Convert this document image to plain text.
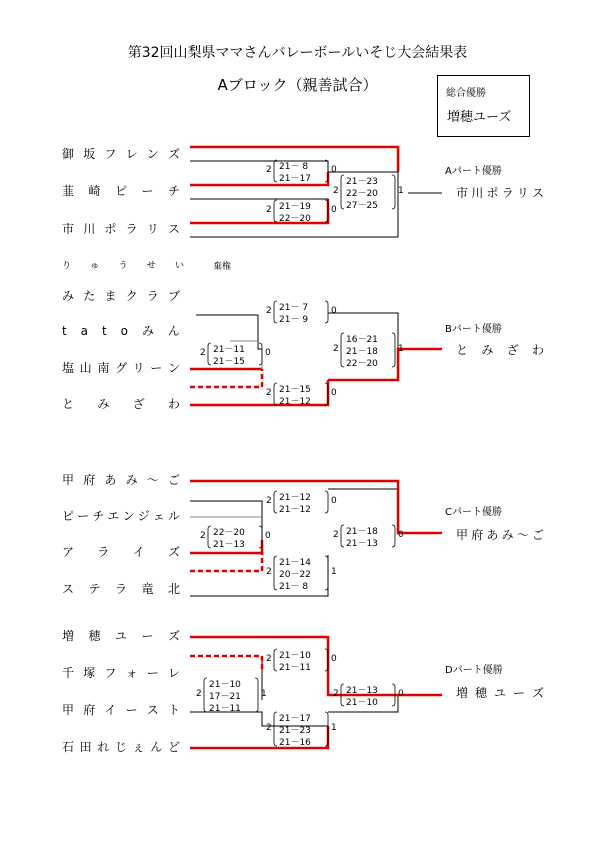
第32回山梨県ママさんバレーボールいそじ大会結果表
Aブロック（親善試合）	総合優勝
増穂ユーズ
御 坂 フ レ ン ズ
韮 崎 ピ ー チ
市 川 ポ ラ リ ス
り ゅ う せ い	棄権
み た ま ク ラ ブ
t a t o み ん
塩 山 南 グ リ ー ン
と み ざ わ
甲 府 あ み ～ ご
ピ ー チ エ ン ジ ェ ル
ア ラ イ ズ
ス テ ラ 竜 北
増 穂 ユ ー ズ
千 塚 フ ォ ー レ
甲 府 イ ー ス ト
石 田 れ じ ぇ ん ど
Aパート優勝
市 川 ポ ラ リ ス
Bパート優勝
と み ざ わ
Cパート優勝
甲 府 あ み ～ ご
Dパート優勝
増 穂 ユ ー ズ
2 21－ 8
21－17
0
2 21－19
22－20
0
2
21－23
22－20
27－25
1
2 21－ 7
21－ 9
0
2 21－11
21－15
0
2 21－15
21－12
0
2
16－21
21－18
22－20
1
2 21－12
21－12
0
2 22－20
21－13
0
2
21－14
20－22
21－ 8
1
2 21－18
21－13
0
2 21－10
21－11
0
2
21－10
17－21
21－11
1
2
21－17
21－23
21－16
1
2 21－13
21－10
0
